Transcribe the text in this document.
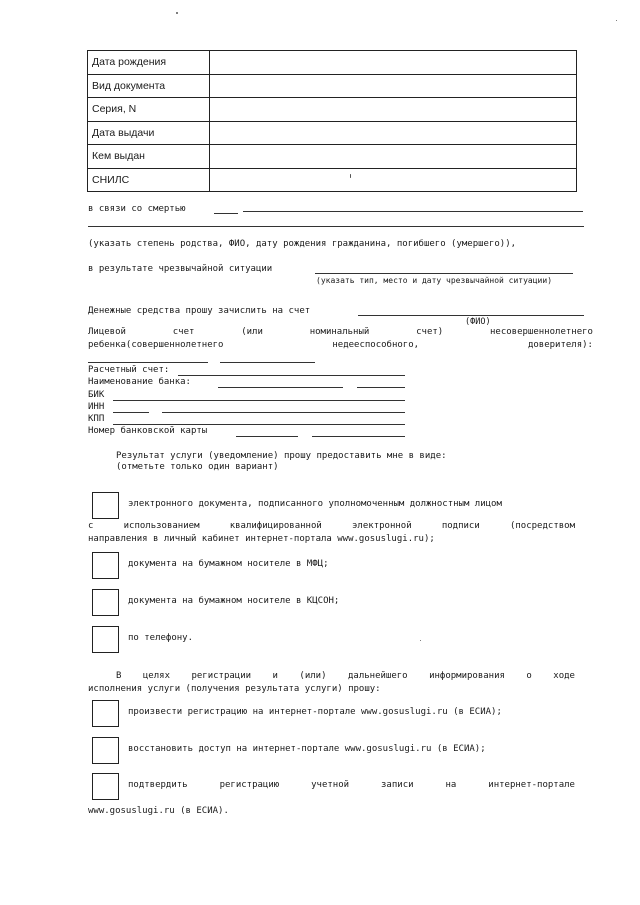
Дата рождения	
Вид документа	
Серия, N	
Дата выдачи	
Кем выдан	
СНИЛС	
в связи со смертью
(указать степень родства, ФИО, дату рождения гражданина, погибшего (умершего)),
в результате чрезвычайной ситуации
(указать тип, место и дату чрезвычайной ситуации)
Денежные средства прошу зачислить на счет
(ФИО)
Лицевой	счет	(или	номинальный	счет)	несовершеннолетнего
ребенка(совершеннолетнего	недееспособного,	доверителя):
Расчетный счет:
Наименование банка:
БИК
ИНН
КПП
Номер банковской карты
Результат услуги (уведомление) прошу предоставить мне в виде:
(отметьте только один вариант)
электронного документа, подписанного уполномоченным должностным лицом
с	использованием	квалифицированной	электронной	подписи	(посредством
направления в личный кабинет интернет-портала www.gosuslugi.ru);
документа на бумажном носителе в МФЦ;
документа на бумажном носителе в КЦСОН;
по телефону.
В целях регистрации и (или) дальнейшего информирования о ходе
исполнения услуги (получения результата услуги) прошу:
произвести регистрацию на интернет-портале www.gosuslugi.ru (в ЕСИА);
восстановить доступ на интернет-портале www.gosuslugi.ru (в ЕСИА);
подтвердить	регистрацию	учетной	записи	на	интернет-портале
www.gosuslugi.ru (в ЕСИА).
